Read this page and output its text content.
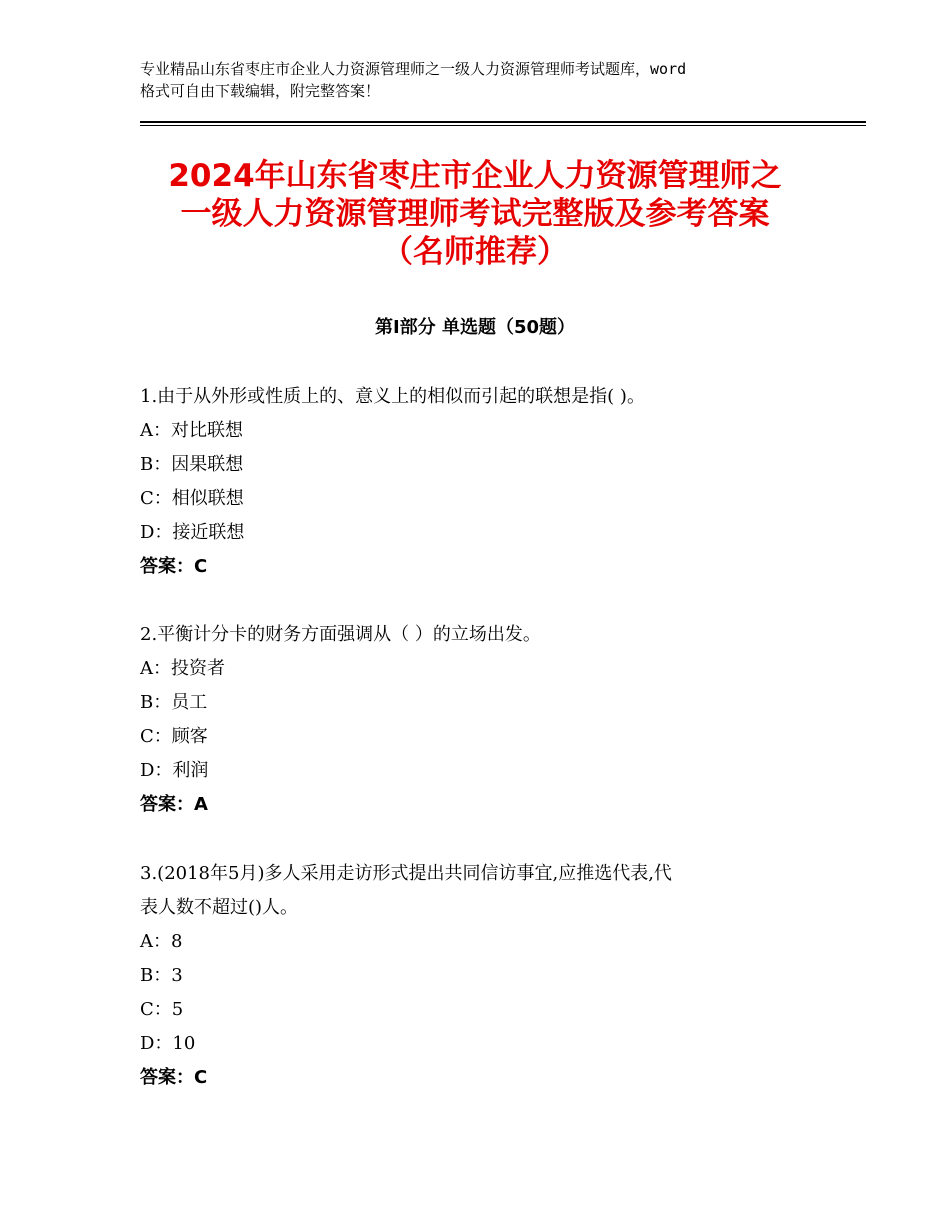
专业精品山东省枣庄市企业人力资源管理师之一级人力资源管理师考试题库，word
格式可自由下载编辑，附完整答案！
2024年山东省枣庄市企业人力资源管理师之
一级人力资源管理师考试完整版及参考答案
（名师推荐）
第Ⅰ部分 单选题（50题）
1.由于从外形或性质上的、意义上的相似而引起的联想是指( )。
A：对比联想
B：因果联想
C：相似联想
D：接近联想
答案：C
2.平衡计分卡的财务方面强调从（ ）的立场出发。
A：投资者
B：员工
C：顾客
D：利润
答案：A
3.(2018年5月)多人采用走访形式提出共同信访事宜,应推选代表,代
表人数不超过()人。
A：8
B：3
C：5
D：10
答案：C
